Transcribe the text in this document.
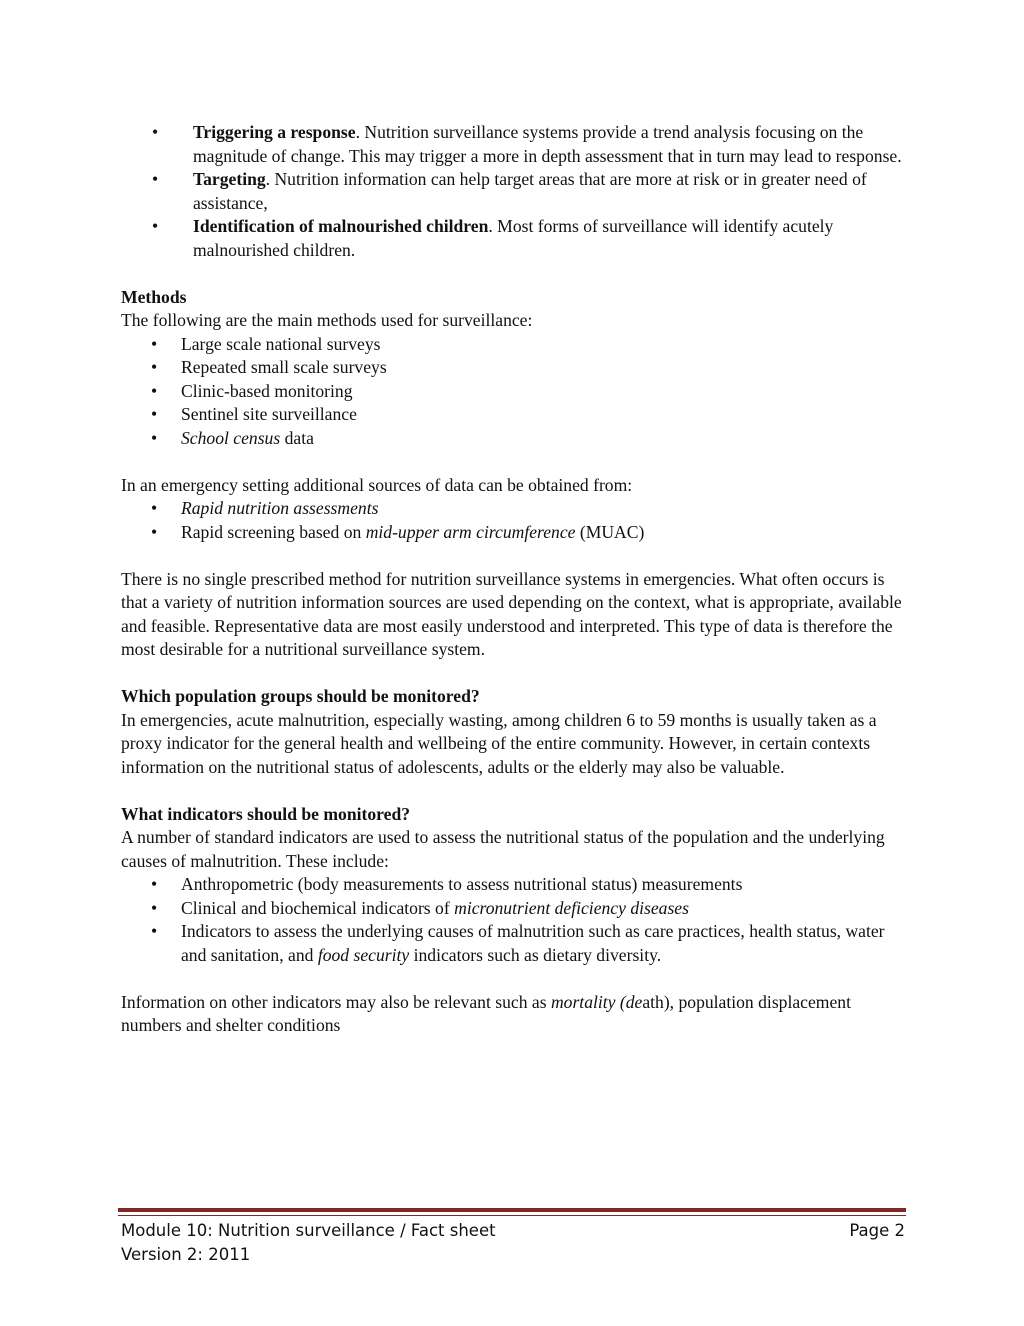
• Triggering a response. Nutrition surveillance systems provide a trend analysis focusing on the magnitude of change. This may trigger a more in depth assessment that in turn may lead to response.
• Targeting. Nutrition information can help target areas that are more at risk or in greater need of assistance,
• Identification of malnourished children. Most forms of surveillance will identify acutely malnourished children.

Methods

The following are the main methods used for surveillance:

• Large scale national surveys
• Repeated small scale surveys
• Clinic-based monitoring
• Sentinel site surveillance
• School census data

In an emergency setting additional sources of data can be obtained from:

• Rapid nutrition assessments
• Rapid screening based on mid-upper arm circumference (MUAC)

There is no single prescribed method for nutrition surveillance systems in emergencies. What often occurs is that a variety of nutrition information sources are used depending on the context, what is appropriate, available and feasible. Representative data are most easily understood and interpreted. This type of data is therefore the most desirable for a nutritional surveillance system.

Which population groups should be monitored?

In emergencies, acute malnutrition, especially wasting, among children 6 to 59 months is usually taken as a proxy indicator for the general health and wellbeing of the entire community. However, in certain contexts information on the nutritional status of adolescents, adults or the elderly may also be valuable.

What indicators should be monitored?

A number of standard indicators are used to assess the nutritional status of the population and the underlying causes of malnutrition. These include:

• Anthropometric (body measurements to assess nutritional status) measurements
• Clinical and biochemical indicators of micronutrient deficiency diseases
• Indicators to assess the underlying causes of malnutrition such as care practices, health status, water and sanitation, and food security indicators such as dietary diversity.

Information on other indicators may also be relevant such as mortality (death), population displacement numbers and shelter conditions

Module 10: Nutrition surveillance / Fact sheet	Page 2
Version 2: 2011
